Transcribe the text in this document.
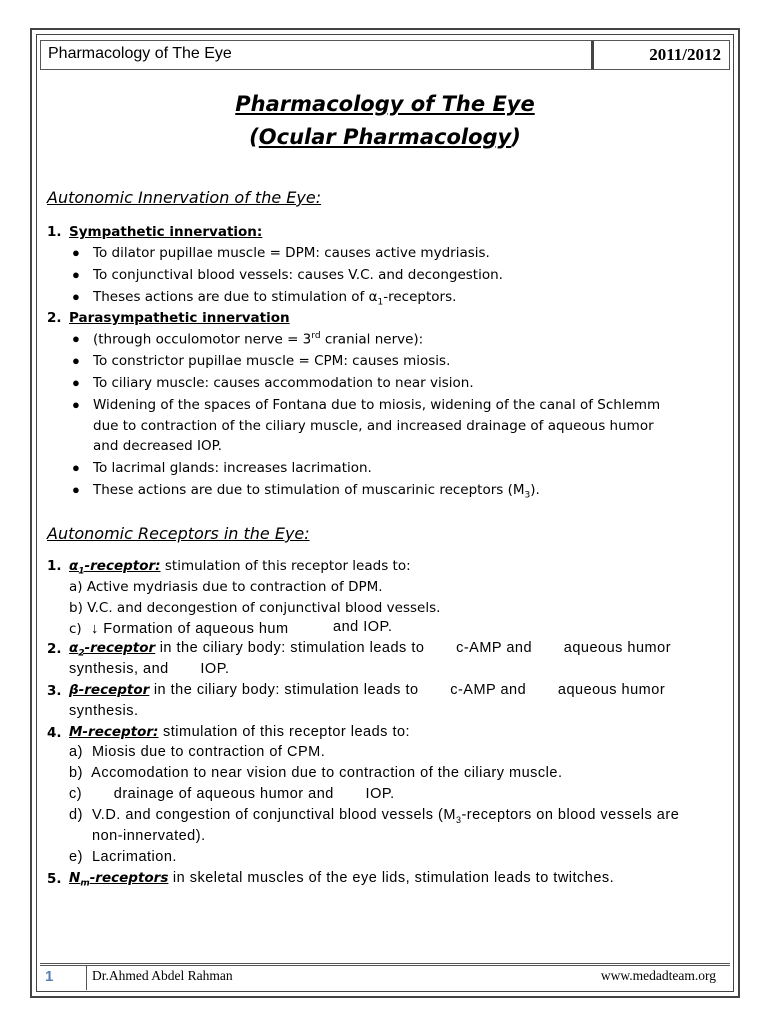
Pharmacology of The Eye	2011/2012
Pharmacology of The Eye
(Ocular Pharmacology)
Autonomic Innervation of the Eye:
1. Sympathetic innervation:
● To dilator pupillae muscle = DPM: causes active mydriasis.
● To conjunctival blood vessels: causes V.C. and decongestion.
● Theses actions are due to stimulation of $\alpha_1$-receptors.
2. Parasympathetic innervation
● (through occulomotor nerve = 3rd cranial nerve):
● To constrictor pupillae muscle = CPM: causes miosis.
● To ciliary muscle: causes accommodation to near vision.
● Widening of the spaces of Fontana due to miosis, widening of the canal of Schlemm
due to contraction of the ciliary muscle, and increased drainage of aqueous humor
and decreased IOP.
● To lacrimal glands: increases lacrimation.
● These actions are due to stimulation of muscarinic receptors $(M_3)$.
Autonomic Receptors in the Eye:
1. $\alpha_1$-receptor: stimulation of this receptor leads to:
a) Active mydriasis due to contraction of DPM.
b) V.C. and decongestion of conjunctival blood vessels.
c) ↓ Formation of aqueous hum	and IOP.
2. $\alpha_2$-receptor in the ciliary body: stimulation leads to       c-AMP and       aqueous humor
synthesis, and       IOP.
3. β-receptor in the ciliary body: stimulation leads to       c-AMP and       aqueous humor
synthesis.
4. M-receptor: stimulation of this receptor leads to:
a)  Miosis due to contraction of CPM.
b)  Accomodation to near vision due to contraction of the ciliary muscle.
c)       drainage of aqueous humor and       IOP.
d)  V.D. and congestion of conjunctival blood vessels ($M_3$-receptors on blood vessels are
non-innervated).
e)  Lacrimation.
5. $N_m$-receptors in skeletal muscles of the eye lids, stimulation leads to twitches.
1	Dr.Ahmed Abdel Rahman	www.medadteam.org
